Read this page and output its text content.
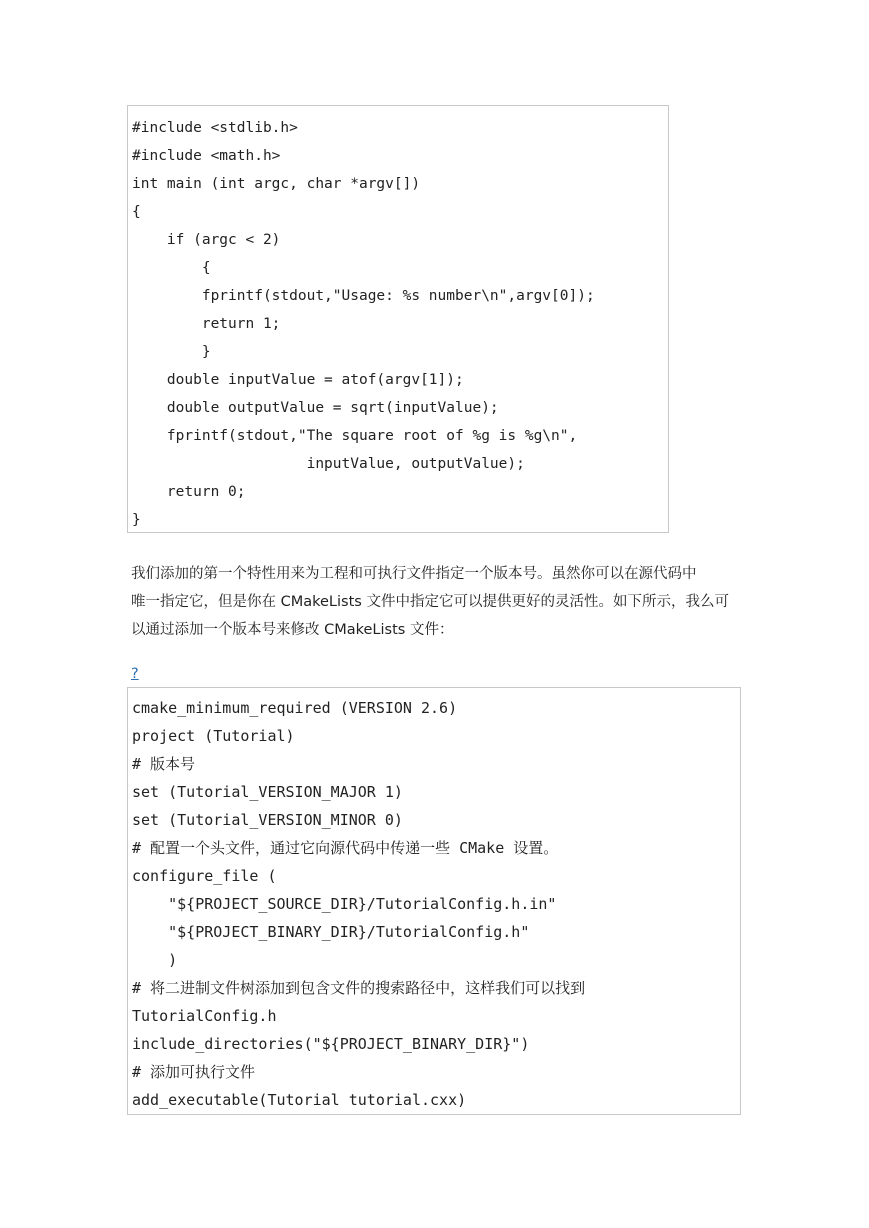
#include <stdlib.h>
#include <math.h>
int main (int argc, char *argv[])
{
if (argc < 2)
{
fprintf(stdout,"Usage: %s number\n",argv[0]);
return 1;
}
double inputValue = atof(argv[1]);
double outputValue = sqrt(inputValue);
fprintf(stdout,"The square root of %g is %g\n",
inputValue, outputValue);
return 0;
}
我们添加的第一个特性用来为工程和可执行文件指定一个版本号。虽然你可以在源代码中
唯一指定它，但是你在 CMakeLists 文件中指定它可以提供更好的灵活性。如下所示，我么可
以通过添加一个版本号来修改 CMakeLists 文件：
?
cmake_minimum_required (VERSION 2.6)
project (Tutorial)
# 版本号
set (Tutorial_VERSION_MAJOR 1)
set (Tutorial_VERSION_MINOR 0)
# 配置一个头文件，通过它向源代码中传递一些 CMake 设置。
configure_file (
"${PROJECT_SOURCE_DIR}/TutorialConfig.h.in"
"${PROJECT_BINARY_DIR}/TutorialConfig.h"
)
# 将二进制文件树添加到包含文件的搜索路径中，这样我们可以找到
TutorialConfig.h
include_directories("${PROJECT_BINARY_DIR}")
# 添加可执行文件
add_executable(Tutorial tutorial.cxx)
